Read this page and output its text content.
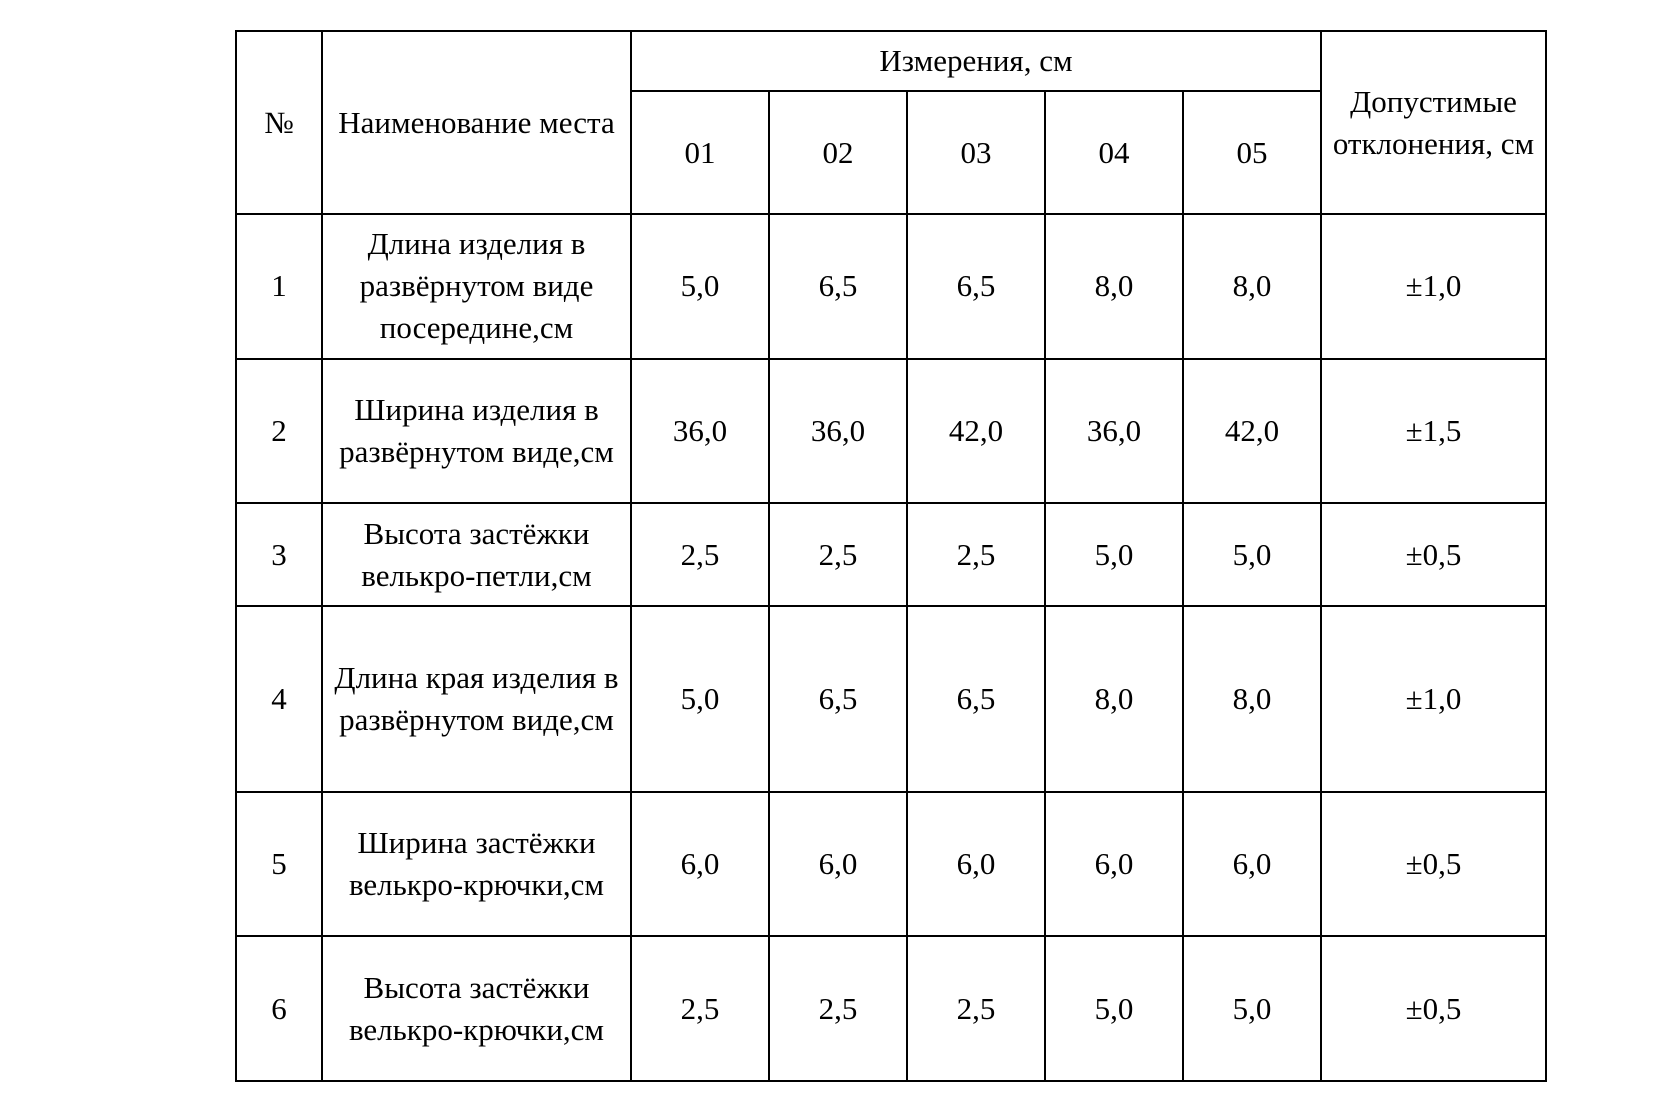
№	Наименование места	Измерения, см					Допустимые отклонения, см
		01	02	03	04	05	
1	Длина изделия в развёрнутом виде посередине,см	5,0	6,5	6,5	8,0	8,0	±1,0
2	Ширина изделия в развёрнутом виде,см	36,0	36,0	42,0	36,0	42,0	±1,5
3	Высота застёжки велькро-петли,см	2,5	2,5	2,5	5,0	5,0	±0,5
4	Длина края изделия в развёрнутом виде,см	5,0	6,5	6,5	8,0	8,0	±1,0
5	Ширина застёжки велькро-крючки,см	6,0	6,0	6,0	6,0	6,0	±0,5
6	Высота застёжки велькро-крючки,см	2,5	2,5	2,5	5,0	5,0	±0,5
